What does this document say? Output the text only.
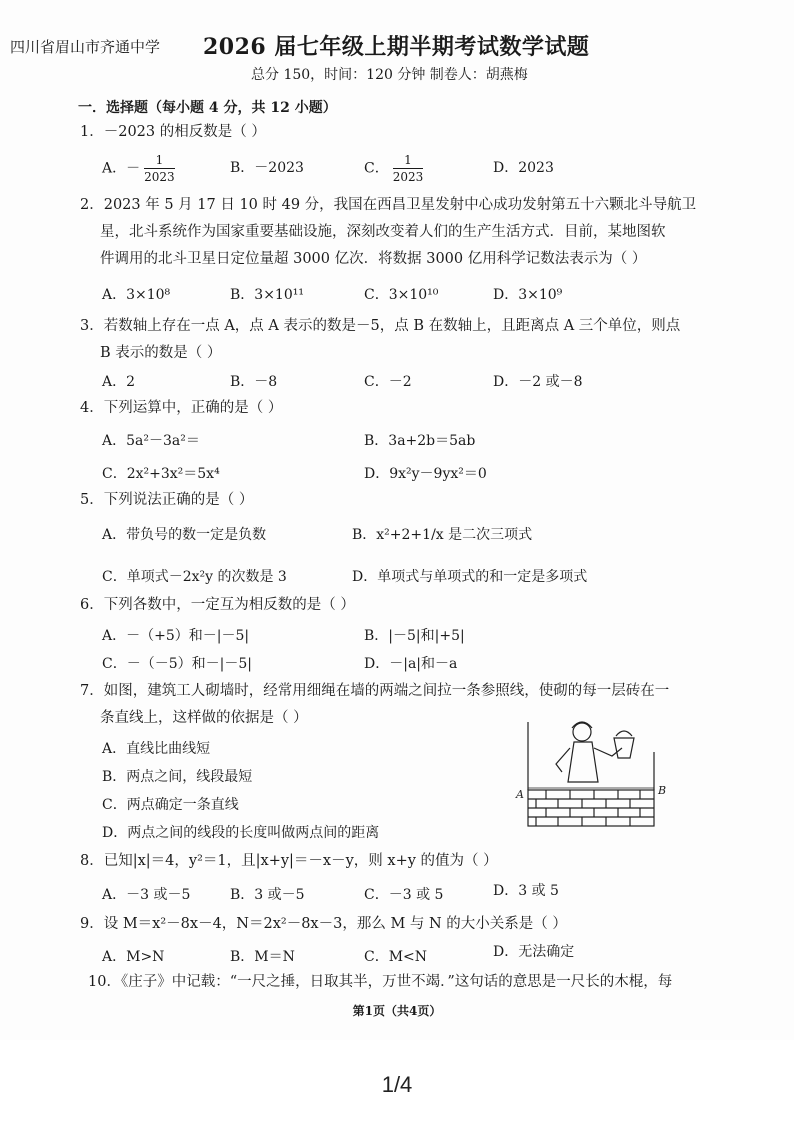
四川省眉山市齐通中学 2026 届七年级上期半期考试数学试题
总分 150，时间：120 分钟 制卷人：胡燕梅
一．选择题（每小题 4 分，共 12 小题）
1．－2023 的相反数是（ ）
A．－ $\frac{1}{2023}$	B．－2023	C． $\frac{1}{2023}$	D．2023
2．2023 年 5 月 17 日 10 时 49 分，我国在西昌卫星发射中心成功发射第五十六颗北斗导航卫
星，北斗系统作为国家重要基础设施，深刻改变着人们的生产生活方式．目前，某地图软
件调用的北斗卫星日定位量超 3000 亿次．将数据 3000 亿用科学记数法表示为（ ）
A．3×10⁸	B．3×10¹¹	C．3×10¹⁰	D．3×10⁹
3．若数轴上存在一点 A，点 A 表示的数是－5，点 B 在数轴上，且距离点 A 三个单位，则点
B 表示的数是（ ）
A．2	B．－8	C．－2	D．－2 或－8
4．下列运算中，正确的是（ ）
A．5a²－3a²＝	B．3a+2b＝5ab
C．2x²+3x²＝5x⁴	D．9x²y－9yx²＝0
5．下列说法正确的是（ ）
A．带负号的数一定是负数	B．x²+2+1/x 是二次三项式
C．单项式－2x²y 的次数是 3	D．单项式与单项式的和一定是多项式
6．下列各数中，一定互为相反数的是（ ）
A．－（+5）和－|－5|	B．|－5|和|+5|
C．－（－5）和－|－5|	D．－|a|和－a
7．如图，建筑工人砌墙时，经常用细绳在墙的两端之间拉一条参照线，使砌的每一层砖在一
条直线上，这样做的依据是（ ）
A．直线比曲线短
B．两点之间，线段最短
C．两点确定一条直线
D．两点之间的线段的长度叫做两点间的距离
A	B
8．已知|x|＝4，y²＝1，且|x+y|＝－x－y，则 x+y 的值为（ ）
A．－3 或－5	B．3 或－5	C．－3 或 5	D．3 或 5
9．设 M＝x²－8x－4，N＝2x²－8x－3，那么 M 与 N 的大小关系是（ ）
A．M>N	B．M＝N	C．M<N	D．无法确定
10．《庄子》中记载：“一尺之捶，日取其半，万世不竭．”这句话的意思是一尺长的木棍，每
第1页（共4页）
1/4
